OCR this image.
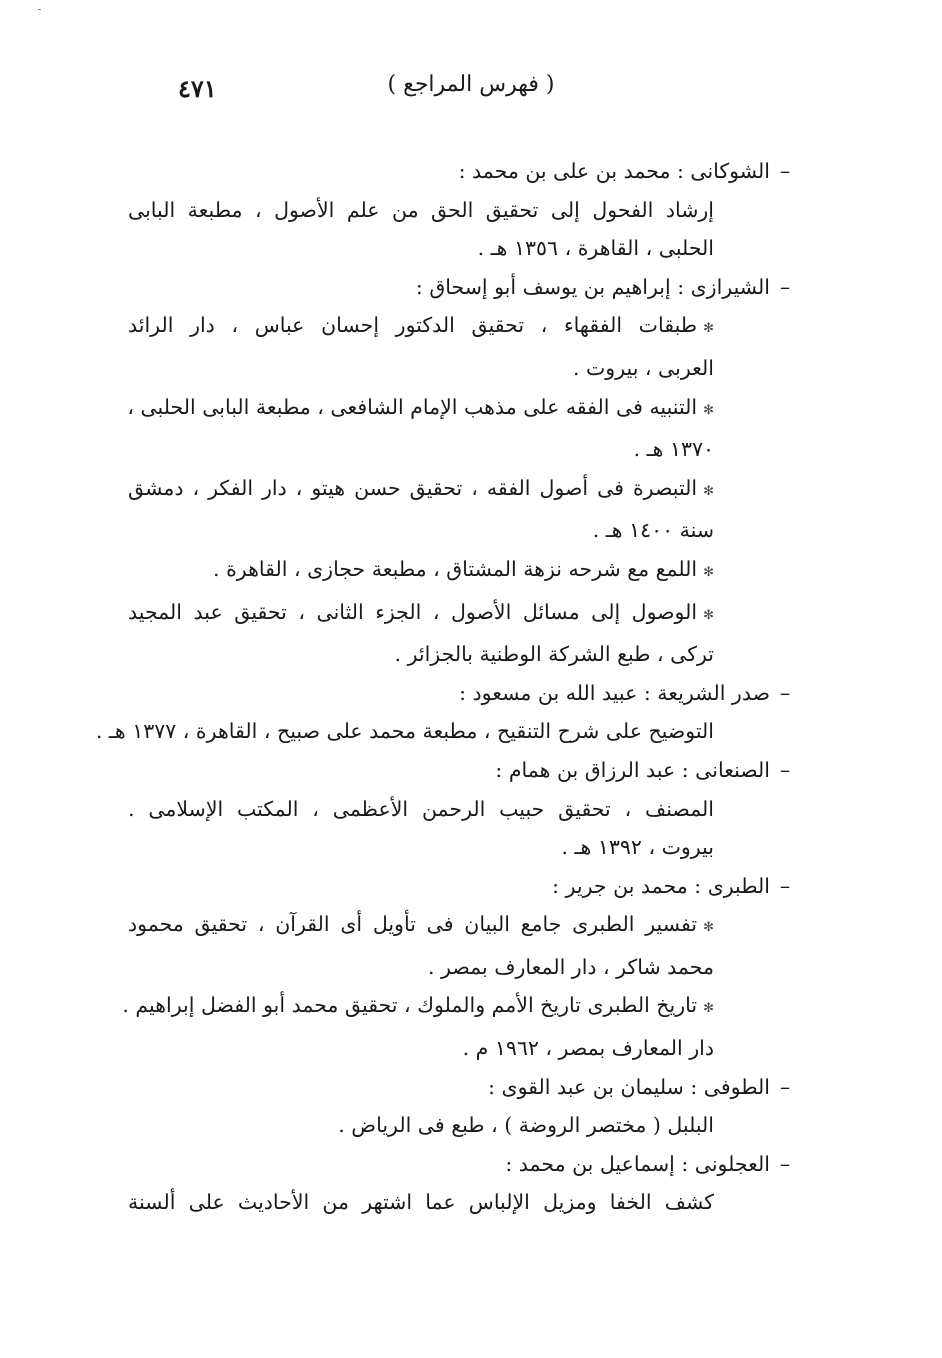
ـ
( فهرس المراجع )
٤٧١
–الشوكانى : محمد بن على بن محمد :
إرشاد الفحول إلى تحقيق الحق من علم الأصول ، مطبعة البابى
الحلبى ، القاهرة ، ١٣٥٦ هـ .
–الشيرازى : إبراهيم بن يوسف أبو إسحاق :
✻طبقات الفقهاء ، تحقيق الدكتور إحسان عباس ، دار الرائد
العربى ، بيروت .
✻التنبيه فى الفقه على مذهب الإمام الشافعى ، مطبعة البابى الحلبى ،
١٣٧٠ هـ .
✻التبصرة فى أصول الفقه ، تحقيق حسن هيتو ، دار الفكر ، دمشق
سنة ١٤٠٠ هـ .
✻اللمع مع شرحه نزهة المشتاق ، مطبعة حجازى ، القاهرة .
✻الوصول إلى مسائل الأصول ، الجزء الثانى ، تحقيق عبد المجيد
تركى ، طبع الشركة الوطنية بالجزائر .
–صدر الشريعة : عبيد الله بن مسعود :
التوضيح على شرح التنقيح ، مطبعة محمد على صبيح ، القاهرة ، ١٣٧٧ هـ .
–الصنعانى : عبد الرزاق بن همام :
المصنف ، تحقيق حبيب الرحمن الأعظمى ، المكتب الإسلامى .
بيروت ، ١٣٩٢ هـ .
–الطبرى : محمد بن جرير :
✻تفسير الطبرى جامع البيان فى تأويل أى القرآن ، تحقيق محمود
محمد شاكر ، دار المعارف بمصر .
✻تاريخ الطبرى تاريخ الأمم والملوك ، تحقيق محمد أبو الفضل إبراهيم .
دار المعارف بمصر ، ١٩٦٢ م .
–الطوفى : سليمان بن عبد القوى :
البلبل ( مختصر الروضة ) ، طبع فى الرياض .
–العجلونى : إسماعيل بن محمد :
كشف الخفا ومزيل الإلباس عما اشتهر من الأحاديث على ألسنة
